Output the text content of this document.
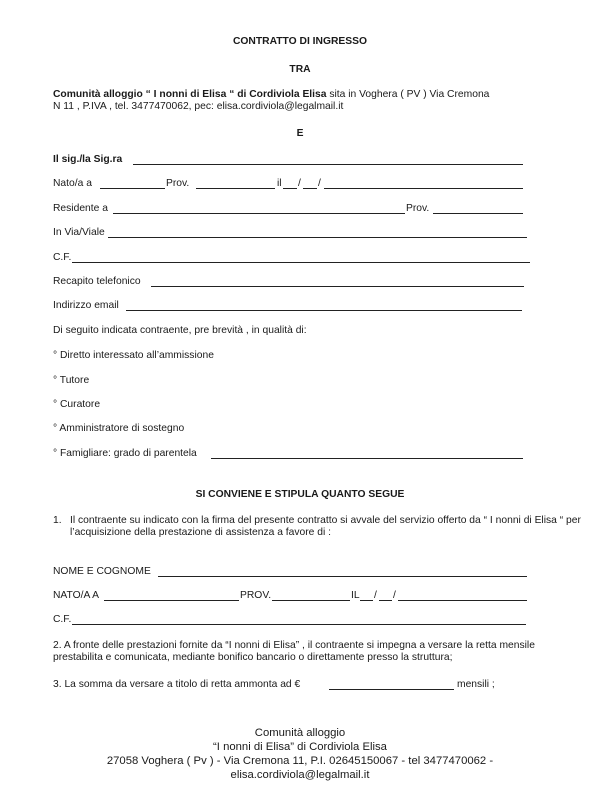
CONTRATTO DI INGRESSO
TRA
Comunità alloggio “ I nonni di Elisa “ di Cordiviola Elisa sita in Voghera ( PV ) Via Cremona
N 11 , P.IVA , tel. 3477470062, pec: elisa.cordiviola@legalmail.it
E
Il sig./la Sig.ra
Nato/a a	Prov.	il / /
Residente a	Prov.
In Via/Viale
C.F.
Recapito telefonico
Indirizzo email
Di seguito indicata contraente, pre brevità , in qualità di:
° Diretto interessato all’ammissione
° Tutore
° Curatore
° Amministratore di sostegno
° Famigliare: grado di parentela
SI CONVIENE E STIPULA QUANTO SEGUE
1. Il contraente su indicato con la firma del presente contratto si avvale del servizio offerto da “ I nonni di Elisa “ per l’acquisizione della prestazione di assistenza a favore di :
NOME E COGNOME
NATO/A A	PROV.	IL / /
C.F.
2. A fronte delle prestazioni fornite da “I nonni di Elisa” , il contraente si impegna a versare la retta mensile prestabilita e comunicata, mediante bonifico bancario o direttamente presso la struttura;
3. La somma da versare a titolo di retta ammonta ad €	mensili ;
Comunità alloggio
“I nonni di Elisa” di Cordiviola Elisa
27058 Voghera ( Pv ) - Via Cremona 11, P.I. 02645150067 - tel 3477470062 -
elisa.cordiviola@legalmail.it
